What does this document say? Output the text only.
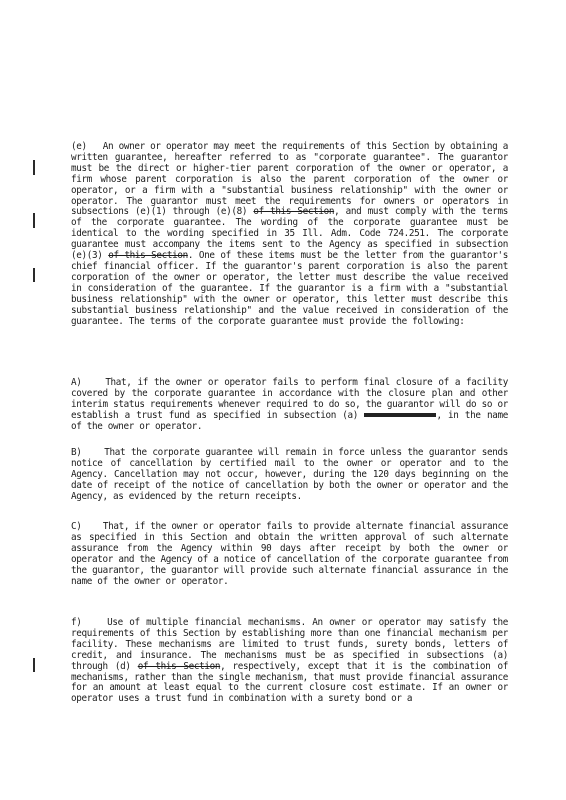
(e) An owner or operator may meet the requirements of this Section by obtaining a written guarantee, hereafter referred to as "corporate guarantee". The guarantor must be the direct or higher-tier parent corporation of the owner or operator, a firm whose parent corporation is also the parent corporation of the owner or operator, or a firm with a "substantial business relationship" with the owner or operator. The guarantor must meet the requirements for owners or operators in subsections (e)(1) through (e)(8) of this Section, and must comply with the terms of the corporate guarantee. The wording of the corporate guarantee must be identical to the wording specified in 35 Ill. Adm. Code 724.251. The corporate guarantee must accompany the items sent to the Agency as specified in subsection (e)(3) of this Section. One of these items must be the letter from the guarantor's chief financial officer. If the guarantor's parent corporation is also the parent corporation of the owner or operator, the letter must describe the value received in consideration of the guarantee. If the guarantor is a firm with a "substantial business relationship" with the owner or operator, this letter must describe this substantial business relationship" and the value received in consideration of the guarantee. The terms of the corporate guarantee must provide the following:

A)	That, if the owner or operator fails to perform final closure of a facility covered by the corporate guarantee in accordance with the closure plan and other interim status requirements whenever required to do so, the guarantor will do so or establish a trust fund as specified in subsection (a)	, in the name of the owner or operator.

B) That the corporate guarantee will remain in force unless the guarantor sends notice of cancellation by certified mail to the owner or operator and to the Agency. Cancellation may not occur, however, during the 120 days beginning on the date of receipt of the notice of cancellation by both the owner or operator and the Agency, as evidenced by the return receipts.

C) That, if the owner or operator fails to provide alternate financial assurance as specified in this Section and obtain the written approval of such alternate assurance from the Agency within 90 days after receipt by both the owner or operator and the Agency of a notice of cancellation of the corporate guarantee from the guarantor, the guarantor will provide such alternate financial assurance in the name of the owner or operator.

f)	Use of multiple financial mechanisms. An owner or operator may satisfy the requirements of this Section by establishing more than one financial mechanism per facility. These mechanisms are limited to trust funds, surety bonds, letters of credit, and insurance. The mechanisms must be as specified in subsections (a) through (d) of this Section, respectively, except that it is the combination of mechanisms, rather than the single mechanism, that must provide financial assurance for an amount at least equal to the current closure cost estimate. If an owner or operator uses a trust fund in combination with a surety bond or a
